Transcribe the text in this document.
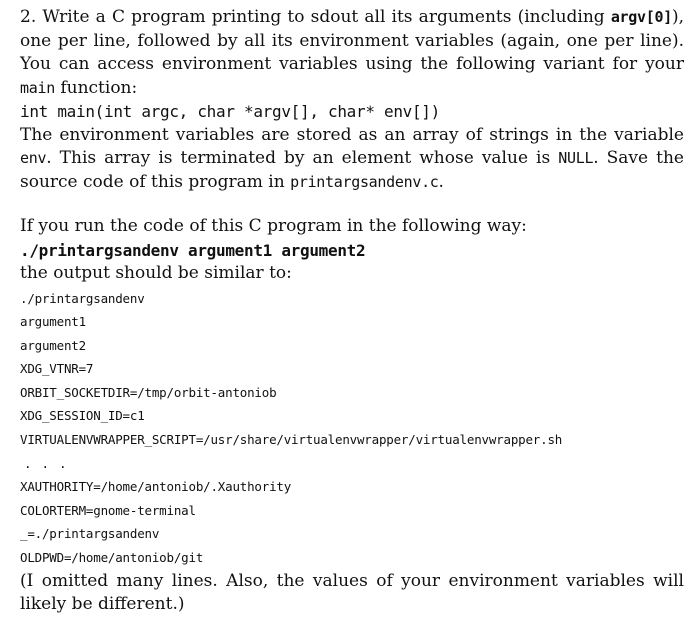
2. Write a C program printing to sdout all its arguments (including argv[0]), one per line, followed by all its environment variables (again, one per line). You can access environment variables using the following variant for your main function:

int main(int argc, char *argv[], char* env[])

The environment variables are stored as an array of strings in the variable env. This array is terminated by an element whose value is NULL. Save the source code of this program in printargsandenv.c.

If you run the code of this C program in the following way:

./printargsandenv argument1 argument2

the output should be similar to:

./printargsandenv
argument1
argument2
XDG_VTNR=7
ORBIT_SOCKETDIR=/tmp/orbit-antoniob
XDG_SESSION_ID=c1
VIRTUALENVWRAPPER_SCRIPT=/usr/share/virtualenvwrapper/virtualenvwrapper.sh
...
XAUTHORITY=/home/antoniob/.Xauthority
COLORTERM=gnome-terminal
_=./printargsandenv
OLDPWD=/home/antoniob/git

(I omitted many lines. Also, the values of your environment variables will likely be different.)
